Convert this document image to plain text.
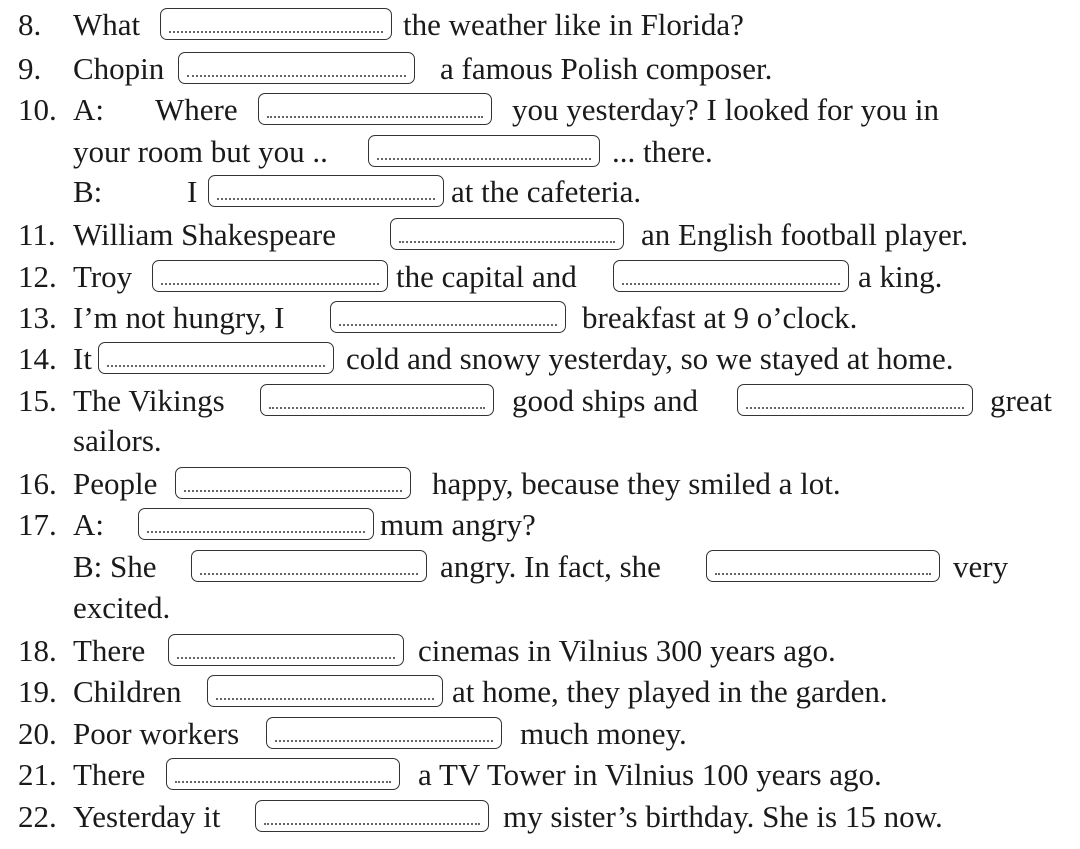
8. What	the weather like in Florida?
9. Chopin	a famous Polish composer.
10. A: Where	you yesterday? I looked for you in
your room but you ..	... there.
B:	I	at the cafeteria.
11. William Shakespeare	an English football player.
12. Troy	the capital and	a king.
13. I’m not hungry, I	breakfast at 9 o’clock.
14. It	cold and snowy yesterday, so we stayed at home.
15. The Vikings	good ships and	great
sailors.
16. People	happy, because they smiled a lot.
17. A:	mum angry?
B: She	angry. In fact, she	very
excited.
18. There	cinemas in Vilnius 300 years ago.
19. Children	at home, they played in the garden.
20. Poor workers	much money.
21. There	a TV Tower in Vilnius 100 years ago.
22. Yesterday it	my sister’s birthday. She is 15 now.
